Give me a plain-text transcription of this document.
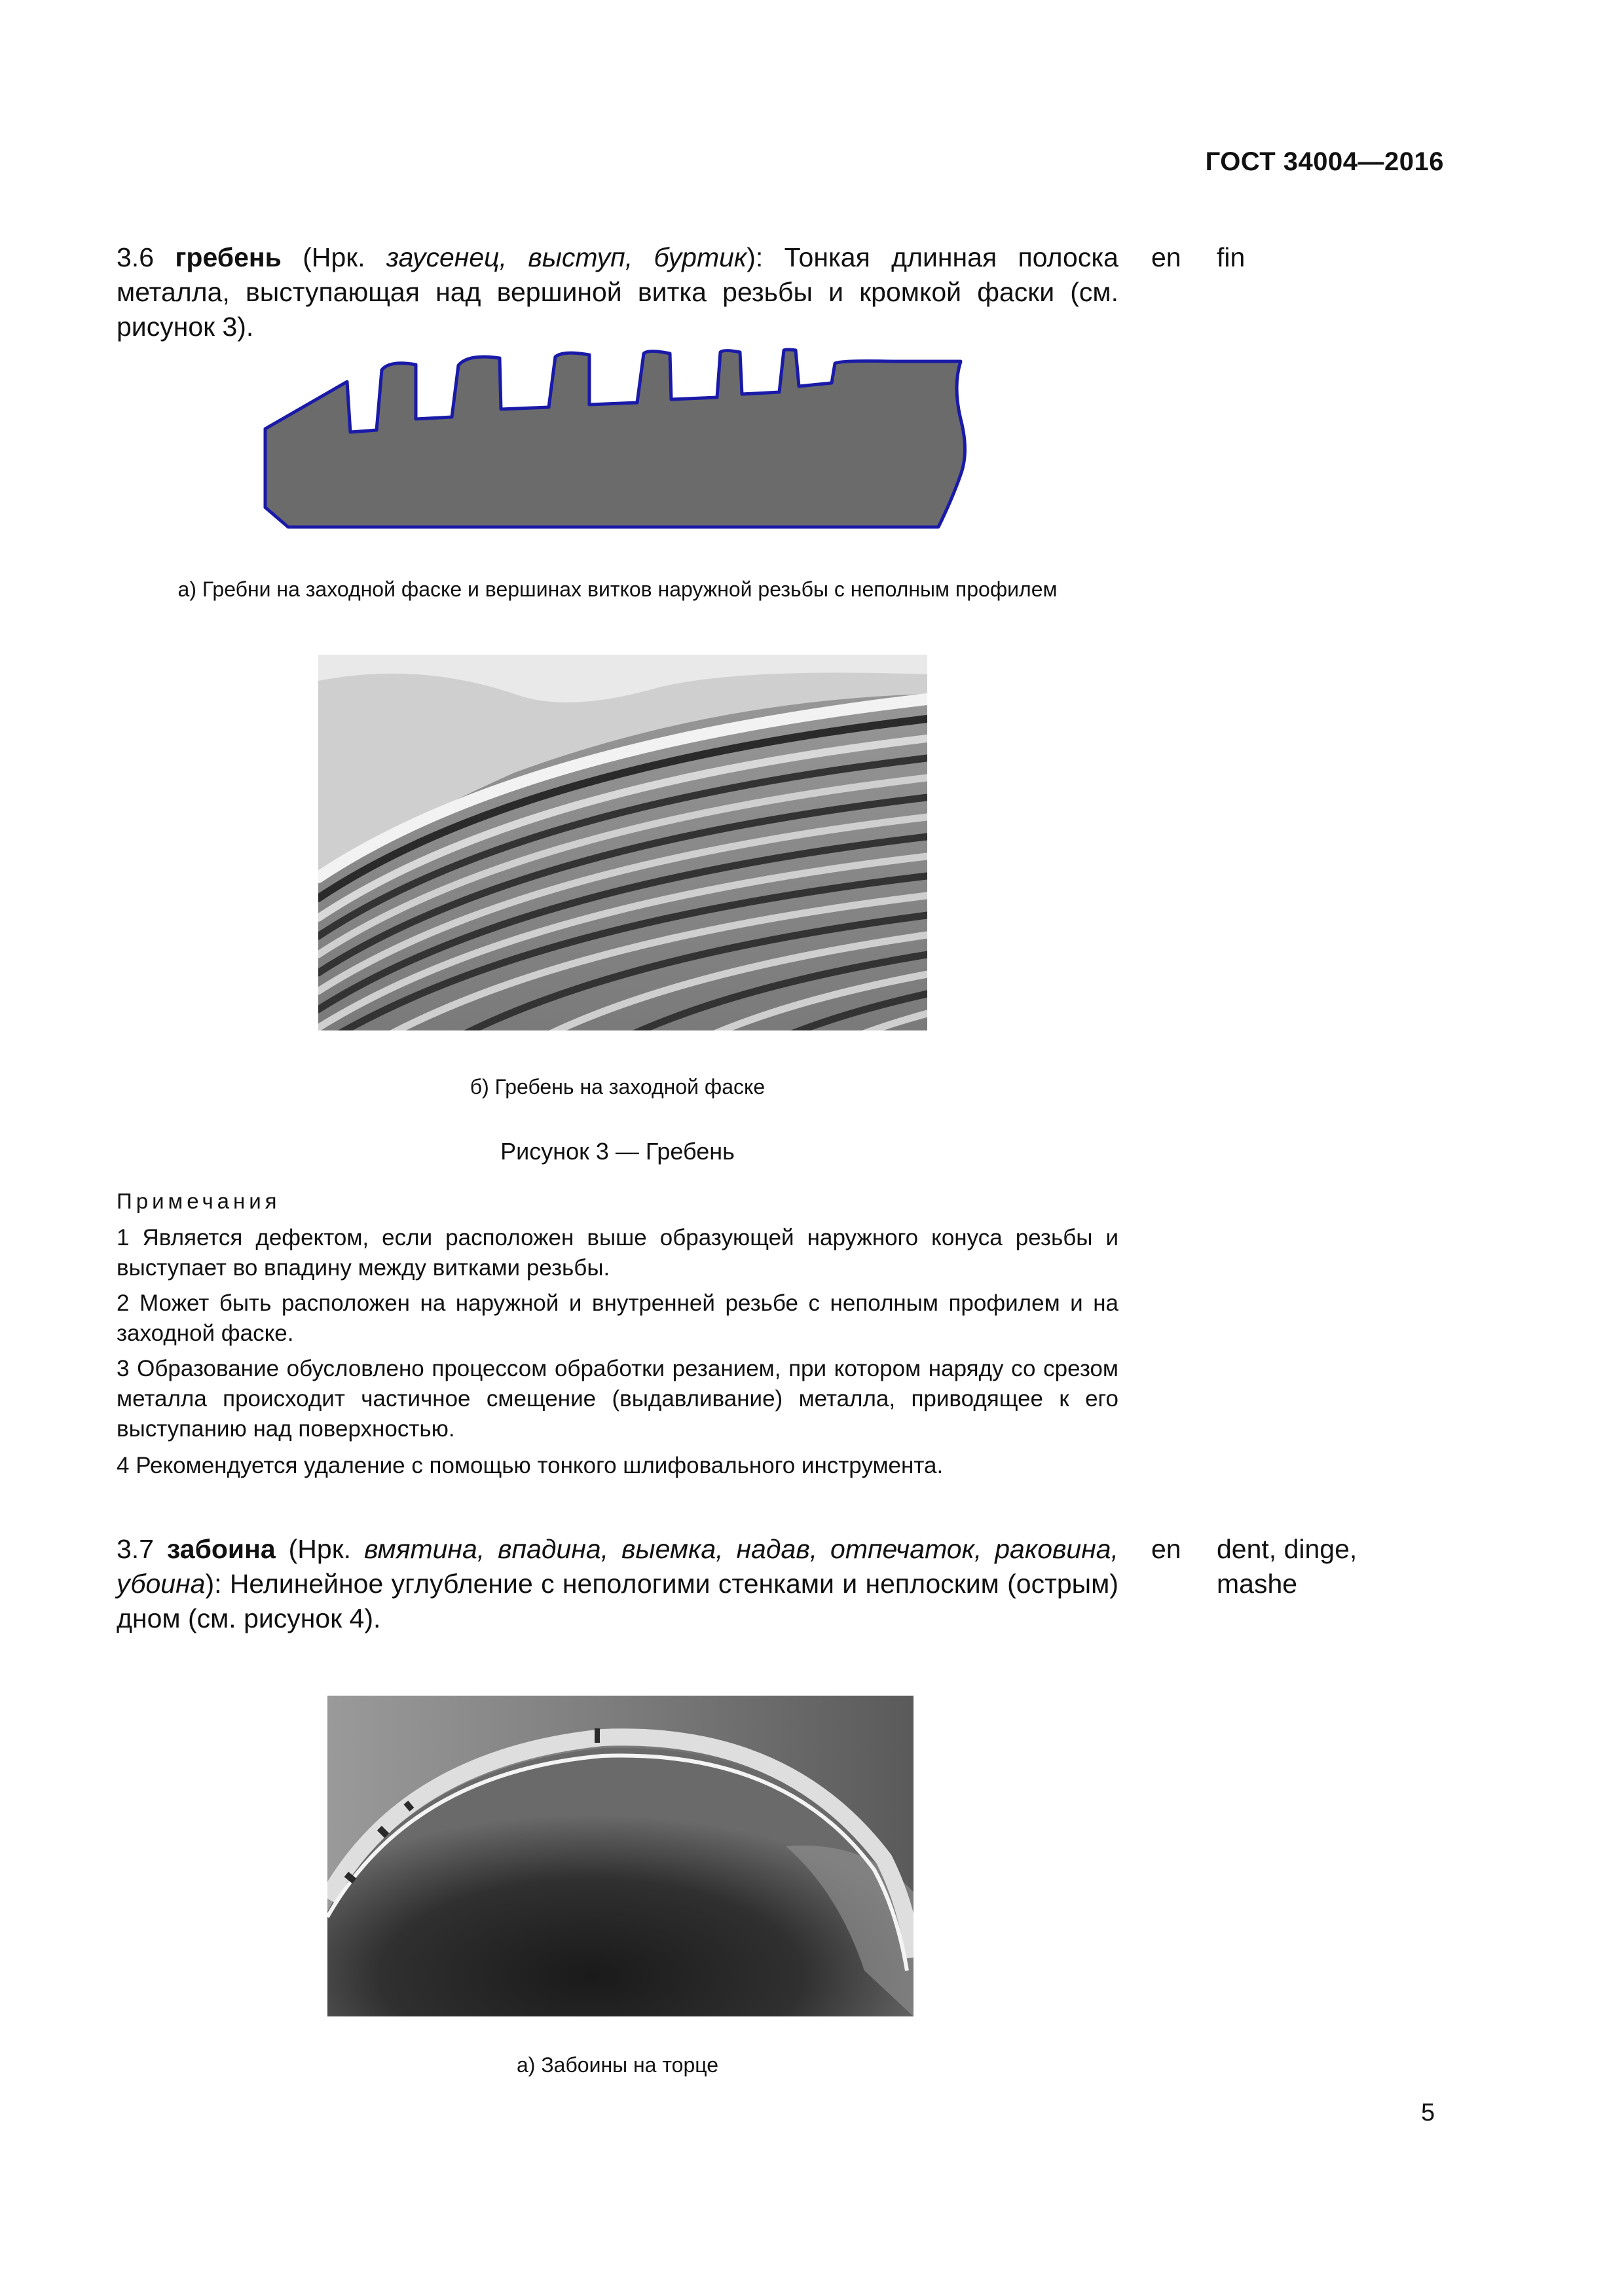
ГОСТ 34004—2016
3.6 гребень (Нрк. заусенец, выступ, буртик): Тонкая длинная полоска металла, выступающая над вершиной витка резьбы и кромкой фаски (см. рисунок 3).
en fin
а) Гребни на заходной фаске и вершинах витков наружной резьбы с неполным профилем
б) Гребень на заходной фаске
Рисунок 3 — Гребень
Примечания
1 Является дефектом, если расположен выше образующей наружного конуса резьбы и выступает во впадину между витками резьбы.
2 Может быть расположен на наружной и внутренней резьбе с неполным профилем и на заходной фаске.
3 Образование обусловлено процессом обработки резанием, при котором наряду со срезом металла происходит частичное смещение (выдавливание) металла, приводящее к его выступанию над поверхностью.
4 Рекомендуется удаление с помощью тонкого шлифовального инструмента.
3.7 забоина (Нрк. вмятина, впадина, выемка, надав, отпечаток, раковина, убоина): Нелинейное углубление с непологими стенками и неплоским (острым) дном (см. рисунок 4).
en dent, dinge, mashe
а) Забоины на торце
5
